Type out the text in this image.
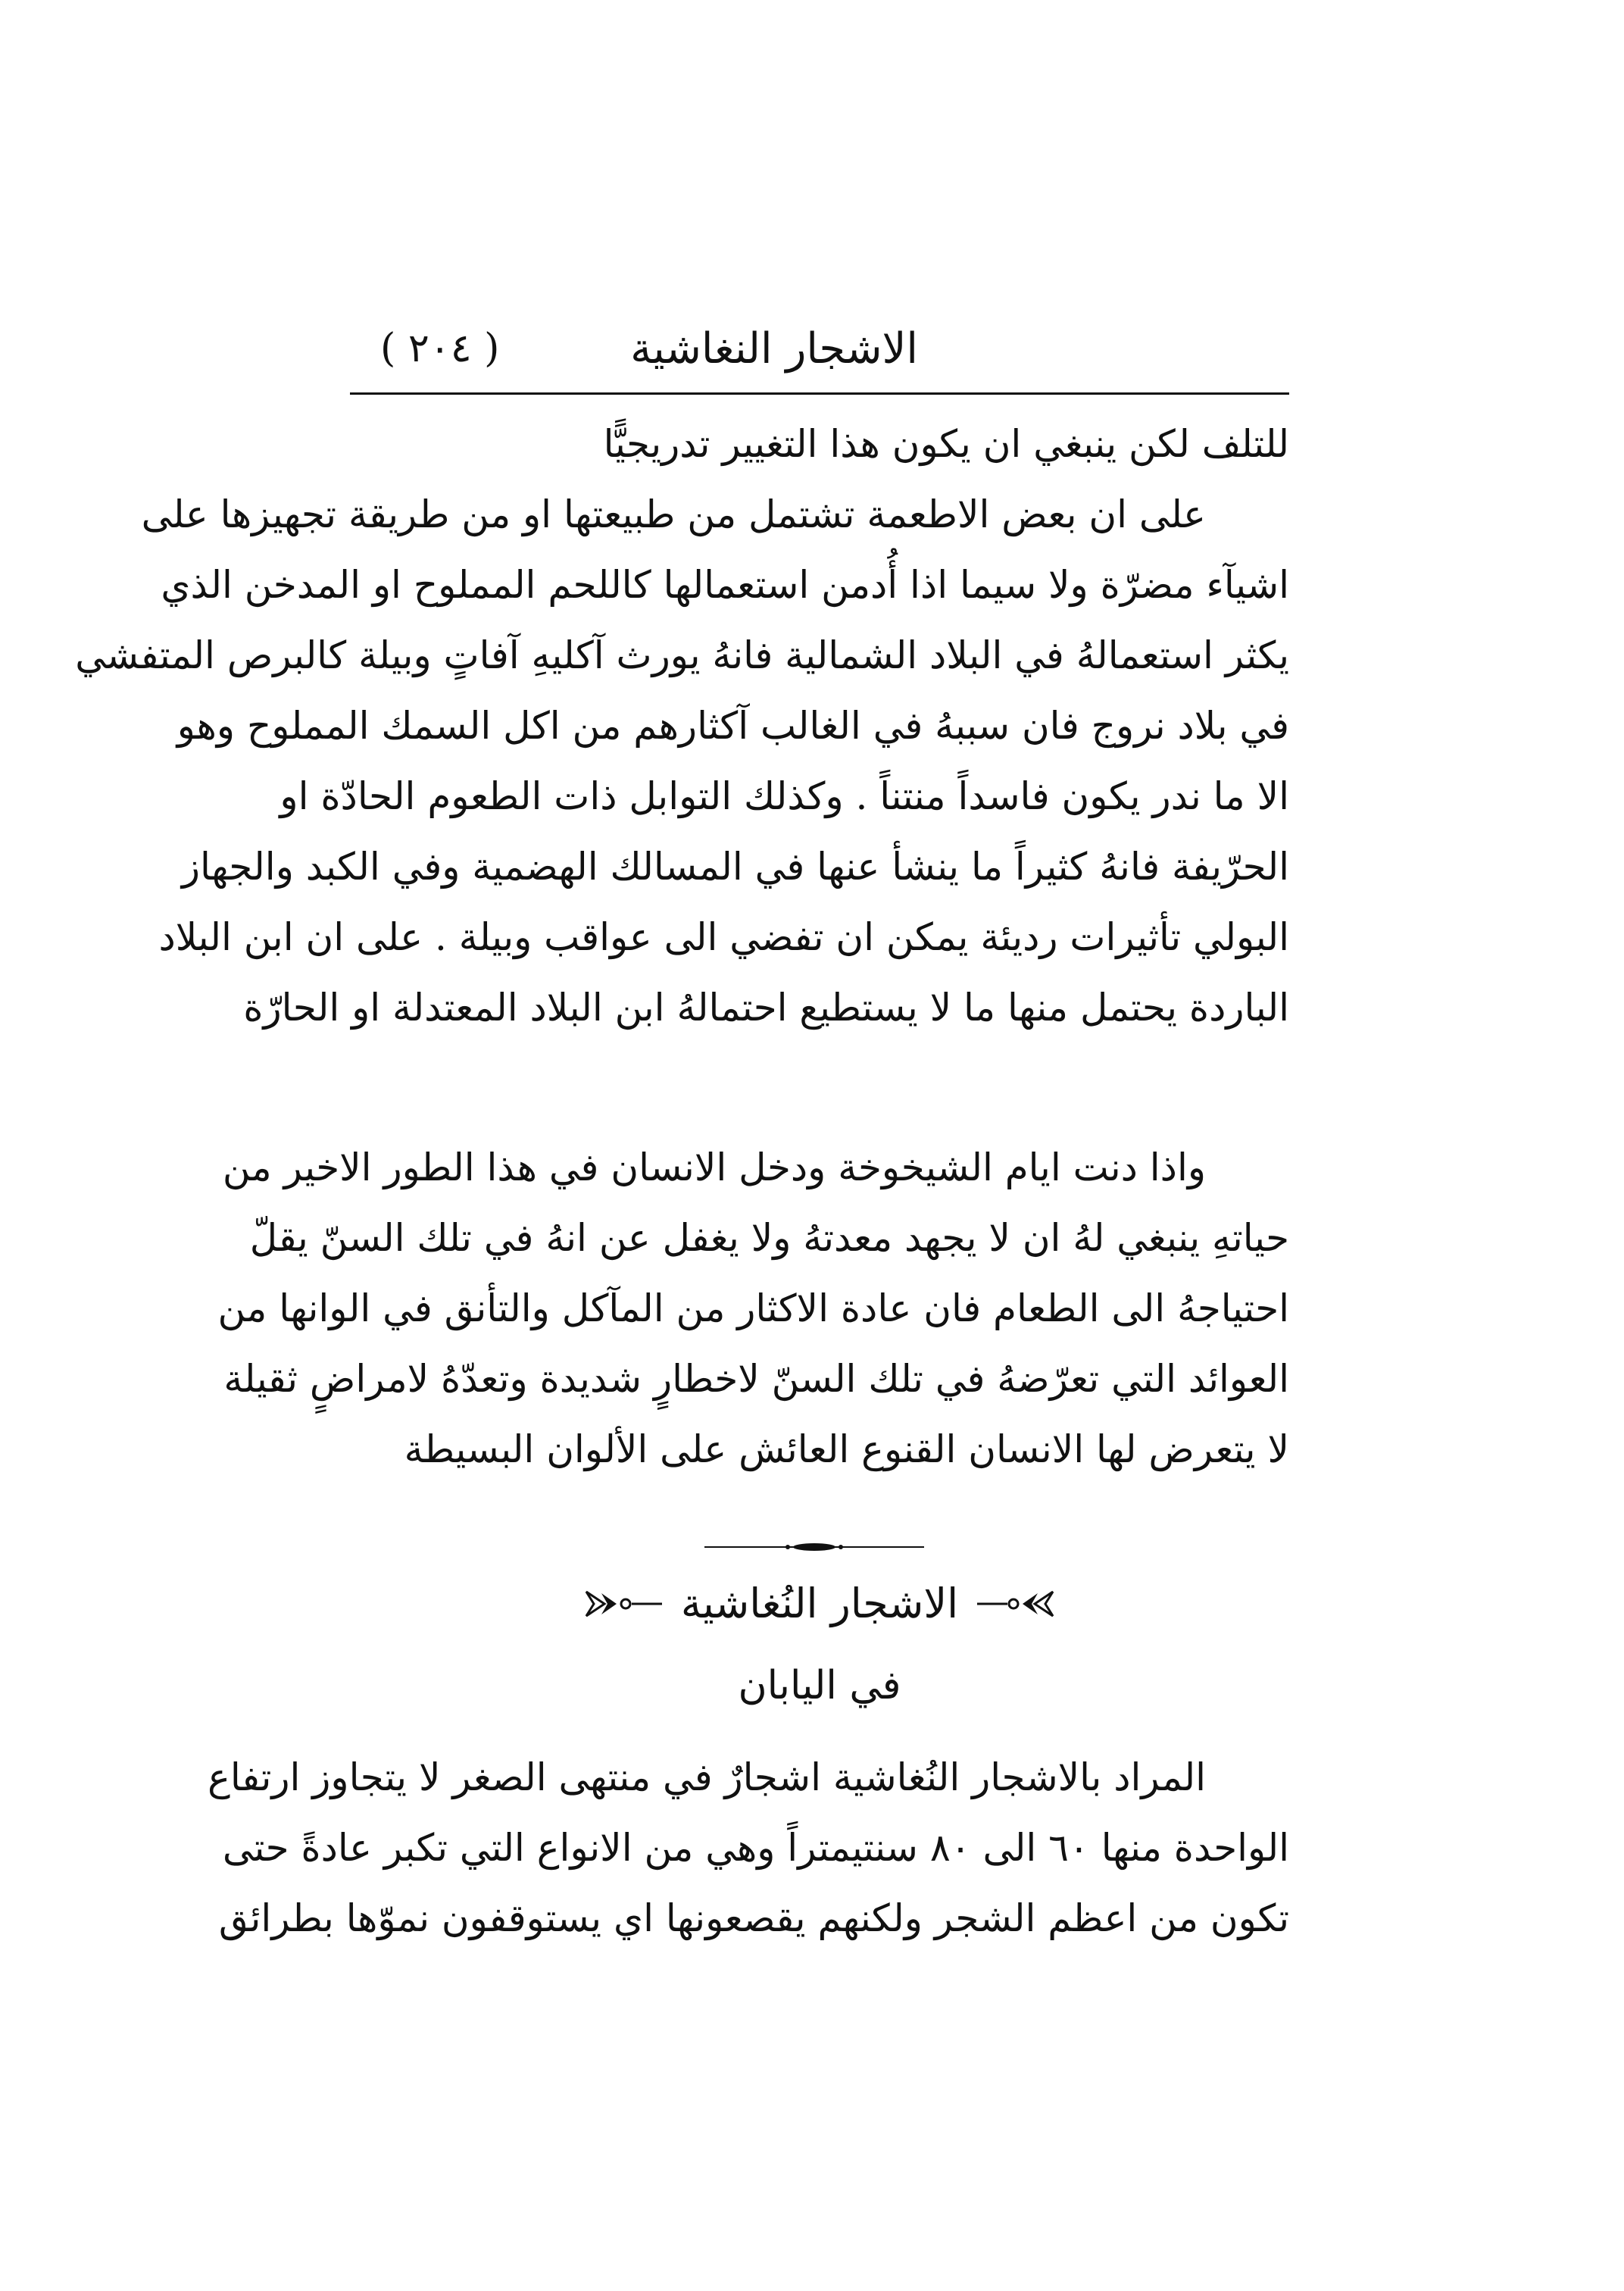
الاشجار النغاشية
( ٢٠٤ )
للتلف لكن ينبغي ان يكون هذا التغيير تدريجيًّا
على ان بعض الاطعمة تشتمل من طبيعتها او من طريقة تجهيزها على
اشيآء مضرّة ولا سيما اذا أُدمن استعمالها كاللحم المملوح او المدخن الذي
يكثر استعمالهُ في البلاد الشمالية فانهُ يورث آكليهِ آفاتٍ وبيلة كالبرص المتفشي
في بلاد نروج فان سببهُ في الغالب آكثارهم من اكل السمك المملوح وهو
الا ما ندر يكون فاسداً منتناً . وكذلك التوابل ذات الطعوم الحادّة او
الحرّيفة فانهُ كثيراً ما ينشأ عنها في المسالك الهضمية وفي الكبد والجهاز
البولي تأثيرات رديئة يمكن ان تفضي الى عواقب وبيلة . على ان ابن البلاد
الباردة يحتمل منها ما لا يستطيع احتمالهُ ابن البلاد المعتدلة او الحارّة
واذا دنت ايام الشيخوخة ودخل الانسان في هذا الطور الاخير من
حياتهِ ينبغي لهُ ان لا يجهد معدتهُ ولا يغفل عن انهُ في تلك السنّ يقلّ
احتياجهُ الى الطعام فان عادة الاكثار من المآكل والتأنق في الوانها من
العوائد التي تعرّضهُ في تلك السنّ لاخطارٍ شديدة وتعدّهُ لامراضٍ ثقيلة
لا يتعرض لها الانسان القنوع العائش على الألوان البسيطة
الاشجار النُغاشية
في اليابان
المراد بالاشجار النُغاشية اشجارٌ في منتهى الصغر لا يتجاوز ارتفاع
الواحدة منها ٦٠ الى ٨٠ سنتيمتراً وهي من الانواع التي تكبر عادةً حتى
تكون من اعظم الشجر ولكنهم يقصعونها اي يستوقفون نموّها بطرائق
